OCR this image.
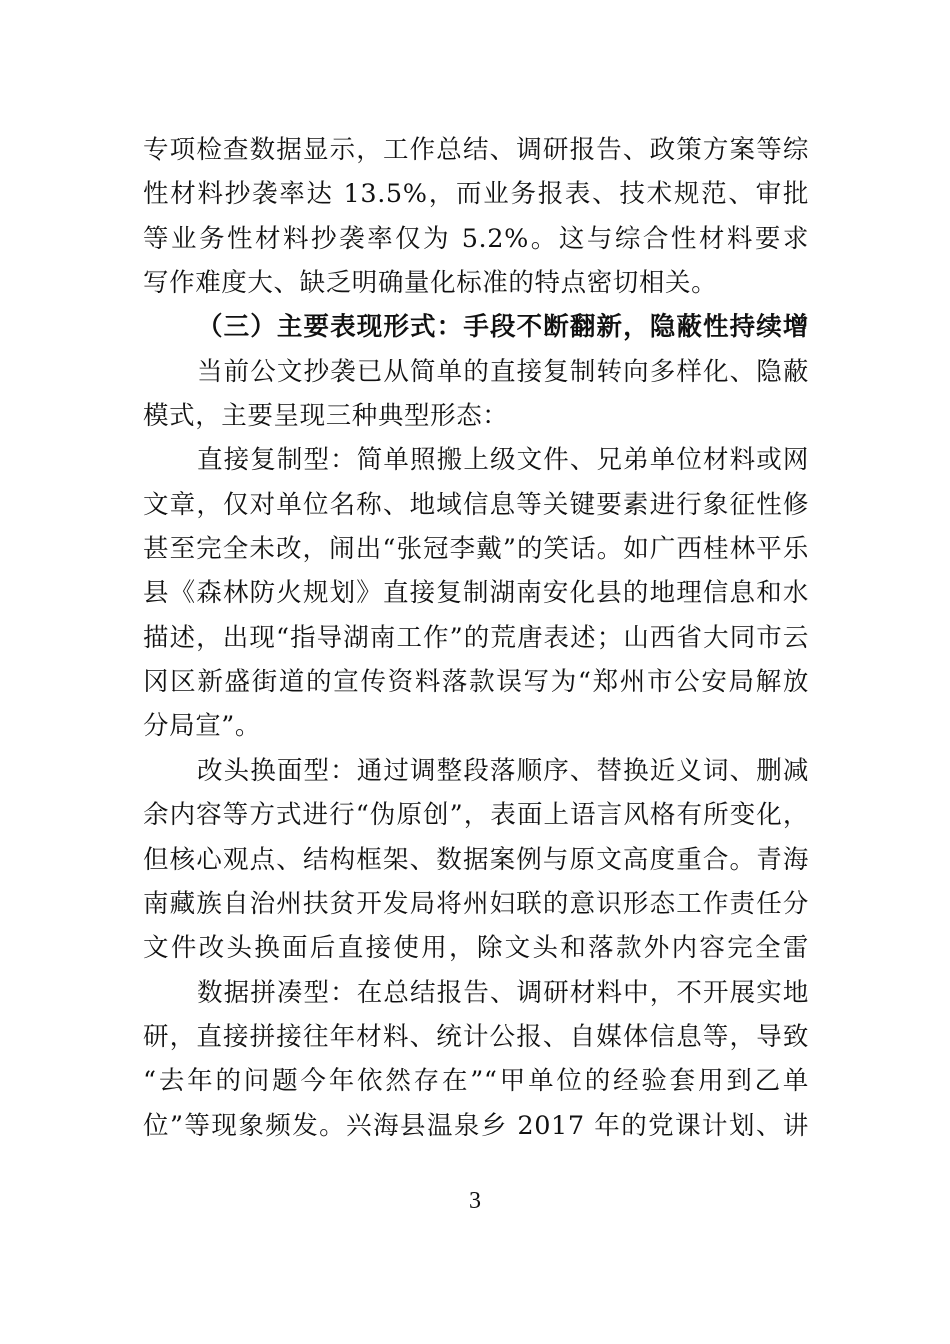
专项检查数据显示，工作总结、调研报告、政策方案等综
性材料抄袭率达 13.5%，而业务报表、技术规范、审批
等业务性材料抄袭率仅为 5.2%。这与综合性材料要求
写作难度大、缺乏明确量化标准的特点密切相关。
（三）主要表现形式：手段不断翻新，隐蔽性持续增
当前公文抄袭已从简单的直接复制转向多样化、隐蔽
模式，主要呈现三种典型形态：
直接复制型：简单照搬上级文件、兄弟单位材料或网
文章，仅对单位名称、地域信息等关键要素进行象征性修
甚至完全未改，闹出“张冠李戴”的笑话。如广西桂林平乐
县《森林防火规划》直接复制湖南安化县的地理信息和水
描述，出现“指导湖南工作”的荒唐表述；山西省大同市云
冈区新盛街道的宣传资料落款误写为“郑州市公安局解放
分局宣”。
改头换面型：通过调整段落顺序、替换近义词、删减
余内容等方式进行“伪原创”，表面上语言风格有所变化，
但核心观点、结构框架、数据案例与原文高度重合。青海
南藏族自治州扶贫开发局将州妇联的意识形态工作责任分
文件改头换面后直接使用，除文头和落款外内容完全雷
数据拼凑型：在总结报告、调研材料中，不开展实地
研，直接拼接往年材料、统计公报、自媒体信息等，导致
“去年的问题今年依然存在”“甲单位的经验套用到乙单
位”等现象频发。兴海县温泉乡 2017 年的党课计划、讲
3
